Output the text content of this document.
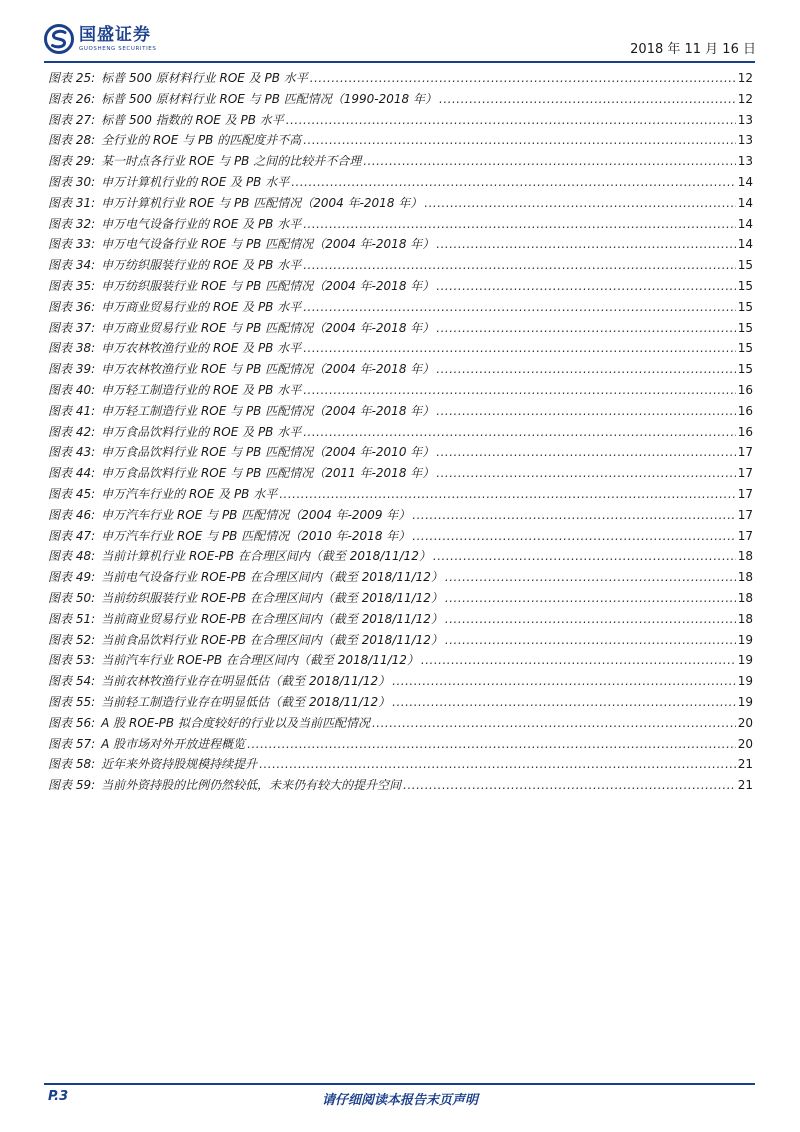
国盛证券
GUOSHENG SECURITIES	2018 年 11 月 16 日
图表 25: 标普 500 原材料行业 ROE 及 PB 水平 .....	12
图表 26: 标普 500 原材料行业 ROE 与 PB 匹配情况（1990-2018 年） .....	12
图表 27: 标普 500 指数的 ROE 及 PB 水平 .....	13
图表 28: 全行业的 ROE 与 PB 的匹配度并不高 .....	13
图表 29: 某一时点各行业 ROE 与 PB 之间的比较并不合理 .....	13
图表 30: 申万计算机行业的 ROE 及 PB 水平 .....	14
图表 31: 申万计算机行业 ROE 与 PB 匹配情况（2004 年-2018 年） .....	14
图表 32: 申万电气设备行业的 ROE 及 PB 水平 .....	14
图表 33: 申万电气设备行业 ROE 与 PB 匹配情况（2004 年-2018 年） .....	14
图表 34: 申万纺织服装行业的 ROE 及 PB 水平 .....	15
图表 35: 申万纺织服装行业 ROE 与 PB 匹配情况（2004 年-2018 年） .....	15
图表 36: 申万商业贸易行业的 ROE 及 PB 水平 .....	15
图表 37: 申万商业贸易行业 ROE 与 PB 匹配情况（2004 年-2018 年） .....	15
图表 38: 申万农林牧渔行业的 ROE 及 PB 水平 .....	15
图表 39: 申万农林牧渔行业 ROE 与 PB 匹配情况（2004 年-2018 年） .....	15
图表 40: 申万轻工制造行业的 ROE 及 PB 水平 .....	16
图表 41: 申万轻工制造行业 ROE 与 PB 匹配情况（2004 年-2018 年） .....	16
图表 42: 申万食品饮料行业的 ROE 及 PB 水平 .....	16
图表 43: 申万食品饮料行业 ROE 与 PB 匹配情况（2004 年-2010 年） .....	17
图表 44: 申万食品饮料行业 ROE 与 PB 匹配情况（2011 年-2018 年） .....	17
图表 45: 申万汽车行业的 ROE 及 PB 水平 .....	17
图表 46: 申万汽车行业 ROE 与 PB 匹配情况（2004 年-2009 年） .....	17
图表 47: 申万汽车行业 ROE 与 PB 匹配情况（2010 年-2018 年） .....	17
图表 48: 当前计算机行业 ROE-PB 在合理区间内（截至 2018/11/12） .....	18
图表 49: 当前电气设备行业 ROE-PB 在合理区间内（截至 2018/11/12） .....	18
图表 50: 当前纺织服装行业 ROE-PB 在合理区间内（截至 2018/11/12） .....	18
图表 51: 当前商业贸易行业 ROE-PB 在合理区间内（截至 2018/11/12） .....	18
图表 52: 当前食品饮料行业 ROE-PB 在合理区间内（截至 2018/11/12） .....	19
图表 53: 当前汽车行业 ROE-PB 在合理区间内（截至 2018/11/12） .....	19
图表 54: 当前农林牧渔行业存在明显低估（截至 2018/11/12） .....	19
图表 55: 当前轻工制造行业存在明显低估（截至 2018/11/12） .....	19
图表 56: A 股 ROE-PB 拟合度较好的行业以及当前匹配情况 .....	20
图表 57: A 股市场对外开放进程概览 .....	20
图表 58: 近年来外资持股规模持续提升 .....	21
图表 59: 当前外资持股的比例仍然较低，未来仍有较大的提升空间 .....	21
P.3	请仔细阅读本报告末页声明
